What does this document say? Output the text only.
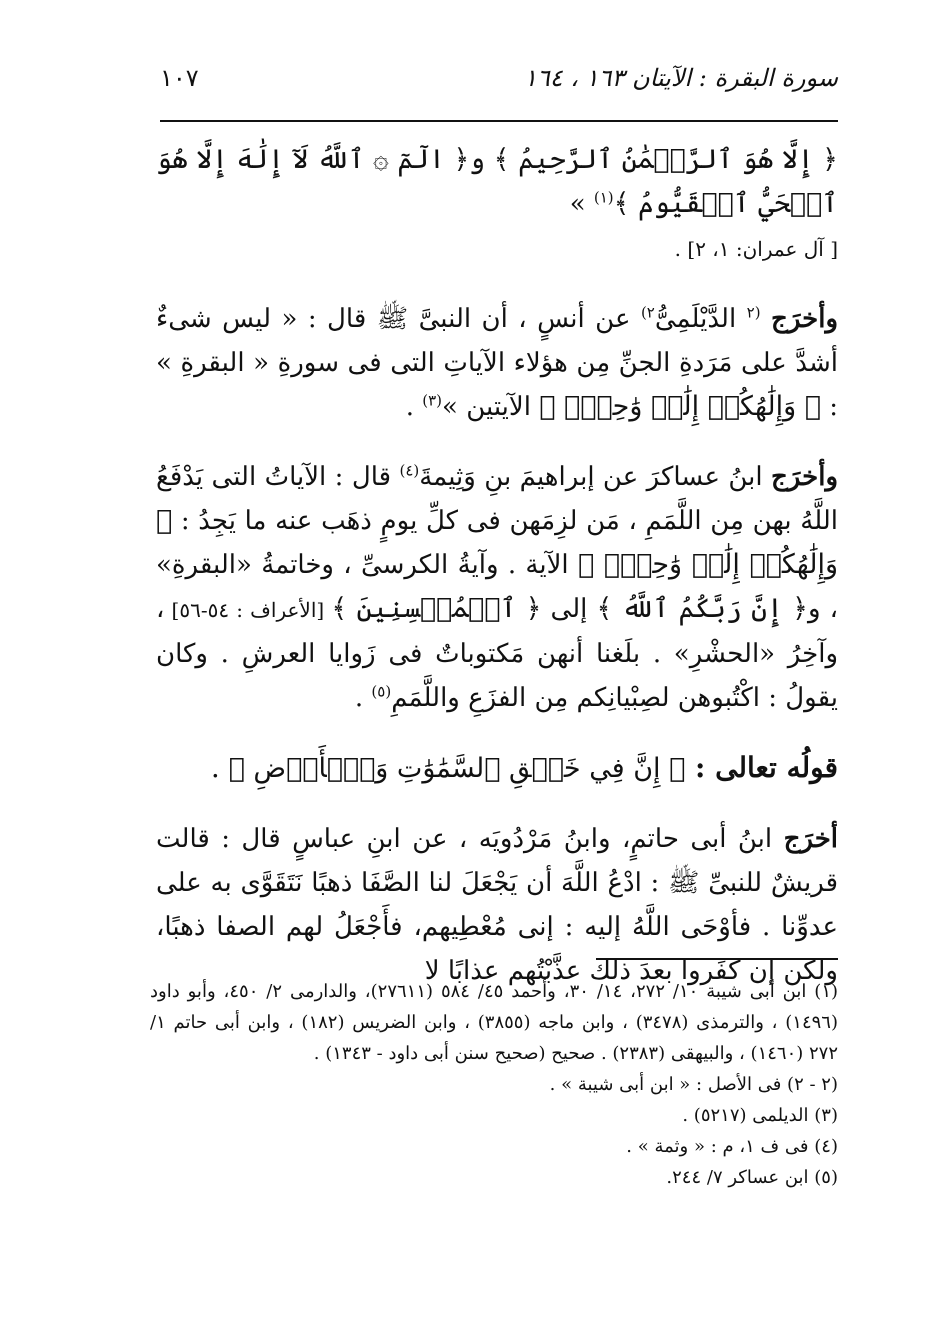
سورة البقرة : الآيتان ١٦٣ ، ١٦٤
١٠٧

﴿ إِلَّا هُوَ ٱلرَّحۡمَٰنُ ٱلرَّحِيمُ ﴾ و﴿ الٓمٓ ۞ ٱللَّهُ لَآ إِلَٰهَ إِلَّا هُوَ ٱلۡحَيُّ ٱلۡقَيُّومُ ﴾$^{(١)}$ »
[ آل عمران: ١، ٢] .

وأخرَج $^{(٢}$ الدَّيْلَمِىُّ$^{٢)}$ عن أنسٍ ، أن النبىَّ ﷺ قال : « ليس شىءٌ أشدَّ على مَرَدةِ الجنِّ مِن هؤلاء الآياتِ التى فى سورةِ « البقرةِ » : ﴿ وَإِلَٰهُكُمۡ إِلَٰهٞ وَٰحِدٞۖ ﴾ الآيتين »$^{(٣)}$ .

وأخرَج ابنُ عساكرَ عن إبراهيمَ بنِ وَثِيمةَ$^{(٤)}$ قال : الآياتُ التى يَدْفَعُ اللَّهُ بهن مِن اللَّمَمِ ، مَن لزِمَهن فى كلِّ يومٍ ذهَب عنه ما يَجِدُ : ﴿ وَإِلَٰهُكُمۡ إِلَٰهٞ وَٰحِدٞۖ ﴾ الآية . وآيةُ الكرسىِّ ، وخاتمةُ «البقرةِ» ، و﴿ إِنَّ رَبَّكُمُ ٱللَّهُ ﴾ إلى ﴿ ٱلۡمُحۡسِنِينَ ﴾ [الأعراف : ٥٤-٥٦] ، وآخِرُ «الحشْرِ» . بلَغنا أنهن مَكتوباتٌ فى زَوايا العرشِ . وكان يقولُ : اكْتُبوهن لصِبْيانِكم مِن الفزَعِ واللَّمَمِ$^{(٥)}$ .

قولُه تعالى : ﴿ إِنَّ فِي خَلۡقِ ٱلسَّمَٰوَٰتِ وَٱلۡأَرۡضِ ﴾ .

أخرَج ابنُ أبى حاتمٍ، وابنُ مَرْدُويَه ، عن ابنِ عباسٍ قال : قالت قريشٌ للنبىِّ ﷺ : ادْعُ اللَّهَ أن يَجْعَلَ لنا الصَّفَا ذهبًا نَتَقَوَّى به على عدوِّنا . فأوْحَى اللَّهُ إليه : إنى مُعْطِيهم، فأَجْعَلُ لهم الصفا ذهبًا، ولكن إن كفَروا بعدَ ذلك عذَّبْتُهم عذابًا لا

(١) ابن أبى شيبة ١٠/ ٢٧٢، ١٤/ ٣٠، وأحمد ٤٥/ ٥٨٤ (٢٧٦١١)، والدارمى ٢/ ٤٥٠، وأبو داود (١٤٩٦) ، والترمذى (٣٤٧٨) ، وابن ماجه (٣٨٥٥) ، وابن الضريس (١٨٢) ، وابن أبى حاتم ١/ ٢٧٢ (١٤٦٠) ، والبيهقى (٢٣٨٣) . صحيح (صحيح سنن أبى داود - ١٣٤٣) .

(٢ - ٢) فى الأصل : « ابن أبى شيبة » .

(٣) الديلمى (٥٢١٧) .

(٤) فى ف ١، م : « وثمة » .

(٥) ابن عساكر ٧/ ٢٤٤.
